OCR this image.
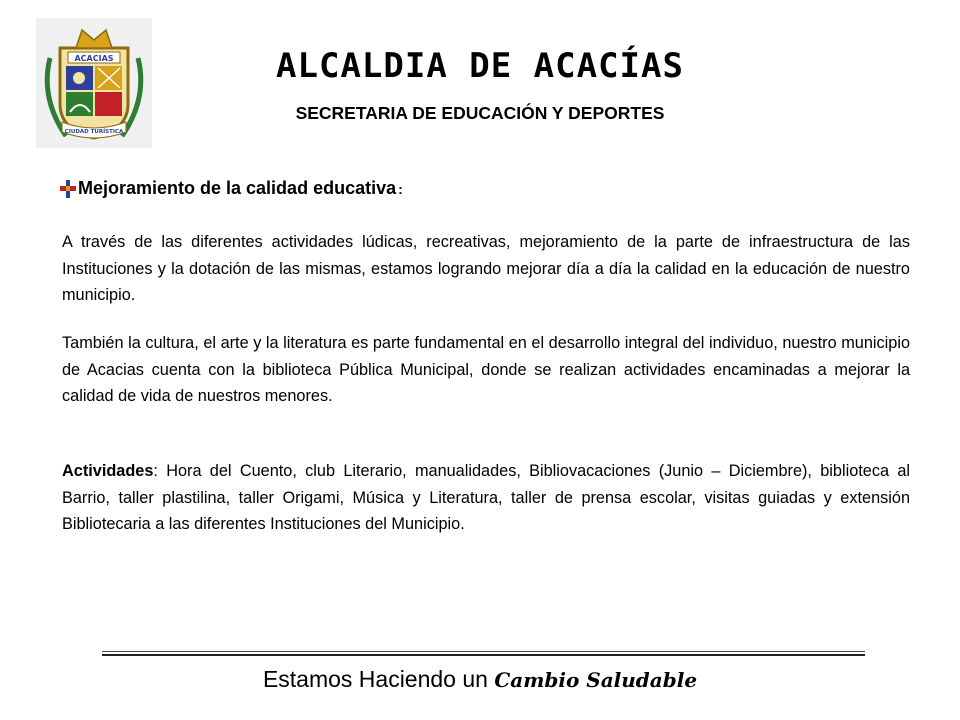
ACACIAS
CIUDAD TURÍSTICA
ALCALDIA DE ACACÍAS
SECRETARIA DE EDUCACIÓN Y DEPORTES
Mejoramiento de la calidad educativa :
A través de las diferentes actividades lúdicas, recreativas, mejoramiento de la parte de infraestructura de las Instituciones y la dotación de las mismas, estamos logrando mejorar día a día la calidad en la educación de nuestro municipio.
También la cultura, el arte y la literatura es parte fundamental en el desarrollo integral del individuo, nuestro municipio de Acacias cuenta con la biblioteca Pública Municipal, donde se realizan actividades encaminadas a mejorar la calidad de vida de nuestros menores.
Actividades: Hora del Cuento, club Literario, manualidades, Bibliovacaciones (Junio – Diciembre), biblioteca al Barrio, taller plastilina, taller Origami, Música y Literatura, taller de prensa escolar, visitas guiadas y extensión Bibliotecaria a las diferentes Instituciones del Municipio.
Estamos Haciendo un Cambio Saludable
